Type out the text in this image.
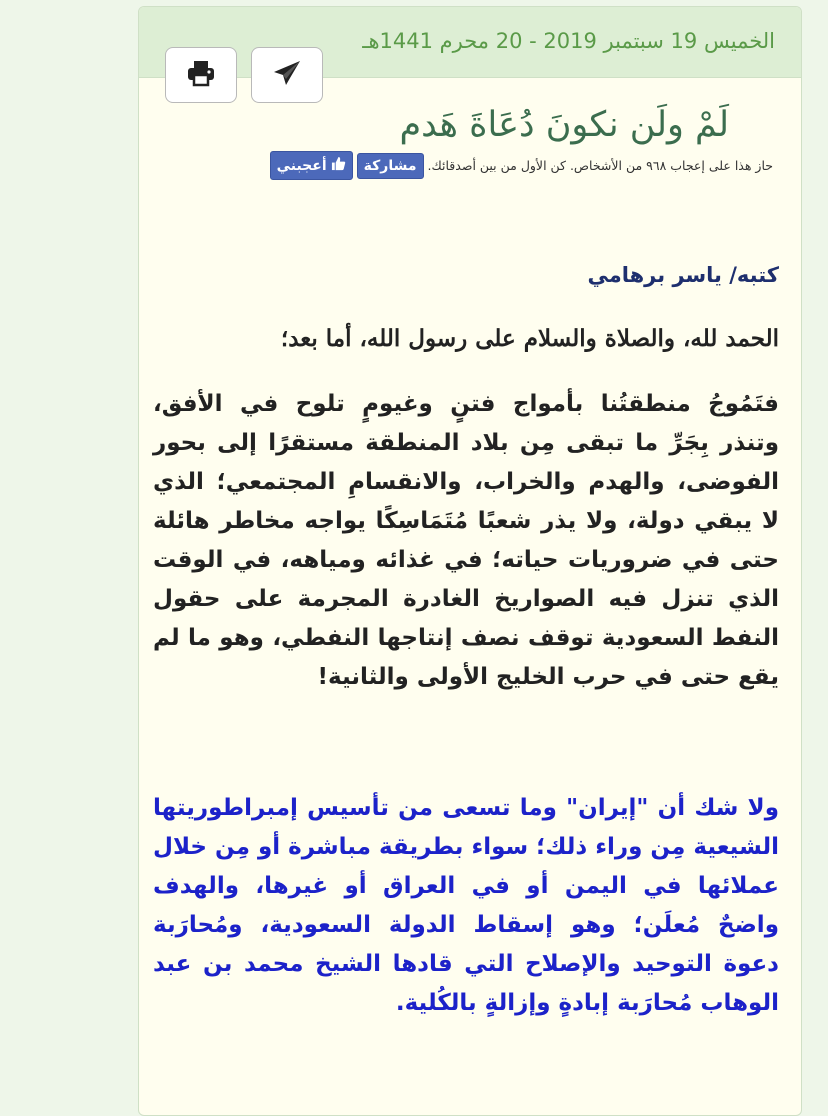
الخميس 19 سبتمبر 2019 - 20 محرم 1441هـ
لَمْ ولَن نكونَ دُعَاةَ هَدم
أعجبني	مشاركة حاز هذا على إعجاب ٩٦٨ من الأشخاص. كن الأول من بين أصدقائك.
كتبه/ ياسر برهامي
الحمد لله، والصلاة والسلام على رسول الله، أما بعد؛

فتَمُوجُ منطقتُنا بأمواج فتنٍ وغيومٍ تلوح في الأفق، وتنذر بِجَرِّ ما تبقى مِن بلاد المنطقة مستقرًا إلى بحور الفوضى، والهدم والخراب، والانقسامِ المجتمعي؛ الذي لا يبقي دولة، ولا يذر شعبًا مُتَمَاسِكًا يواجه مخاطر هائلة حتى في ضروريات حياته؛ في غذائه ومياهه، في الوقت الذي تنزل فيه الصواريخ الغادرة المجرمة على حقول النفط السعودية توقف نصف إنتاجها النفطي، وهو ما لم يقع حتى في حرب الخليج الأولى والثانية!

ولا شك أن "إيران" وما تسعى من تأسيس إمبراطوريتها الشيعية مِن وراء ذلك؛ سواء بطريقة مباشرة أو مِن خلال عملائها في اليمن أو في العراق أو غيرها، والهدف واضحٌ مُعلَن؛ وهو إسقاط الدولة السعودية، ومُحارَبة دعوة التوحيد والإصلاح التي قادها الشيخ محمد بن عبد الوهاب مُحارَبة إبادةٍ وإزالةٍ بالكُلية.
